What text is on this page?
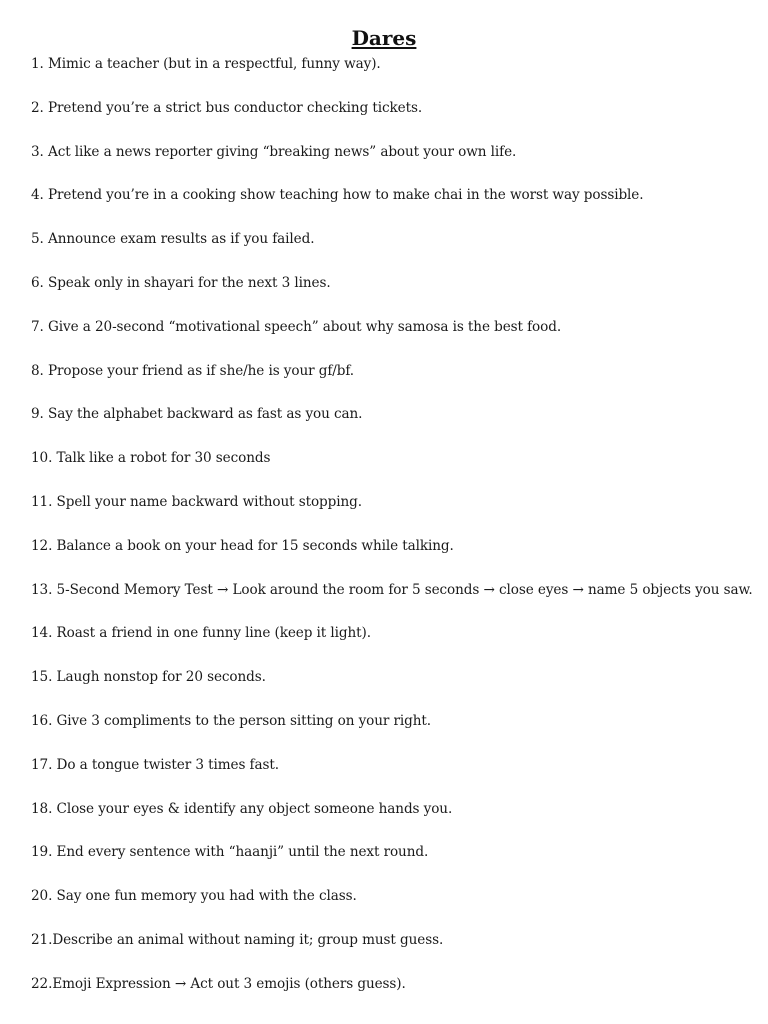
Dares
1. Mimic a teacher (but in a respectful, funny way).
2. Pretend you’re a strict bus conductor checking tickets.
3. Act like a news reporter giving “breaking news” about your own life.
4. Pretend you’re in a cooking show teaching how to make chai in the worst way possible.
5. Announce exam results as if you failed.
6. Speak only in shayari for the next 3 lines.
7. Give a 20-second “motivational speech” about why samosa is the best food.
8. Propose your friend as if she/he is your gf/bf.
9. Say the alphabet backward as fast as you can.
10. Talk like a robot for 30 seconds
11. Spell your name backward without stopping.
12. Balance a book on your head for 15 seconds while talking.
13. 5-Second Memory Test → Look around the room for 5 seconds → close eyes → name 5 objects you saw.
14. Roast a friend in one funny line (keep it light).
15. Laugh nonstop for 20 seconds.
16. Give 3 compliments to the person sitting on your right.
17. Do a tongue twister 3 times fast.
18. Close your eyes & identify any object someone hands you.
19. End every sentence with “haanji” until the next round.
20. Say one fun memory you had with the class.
21.Describe an animal without naming it; group must guess.
22.Emoji Expression → Act out 3 emojis (others guess).
